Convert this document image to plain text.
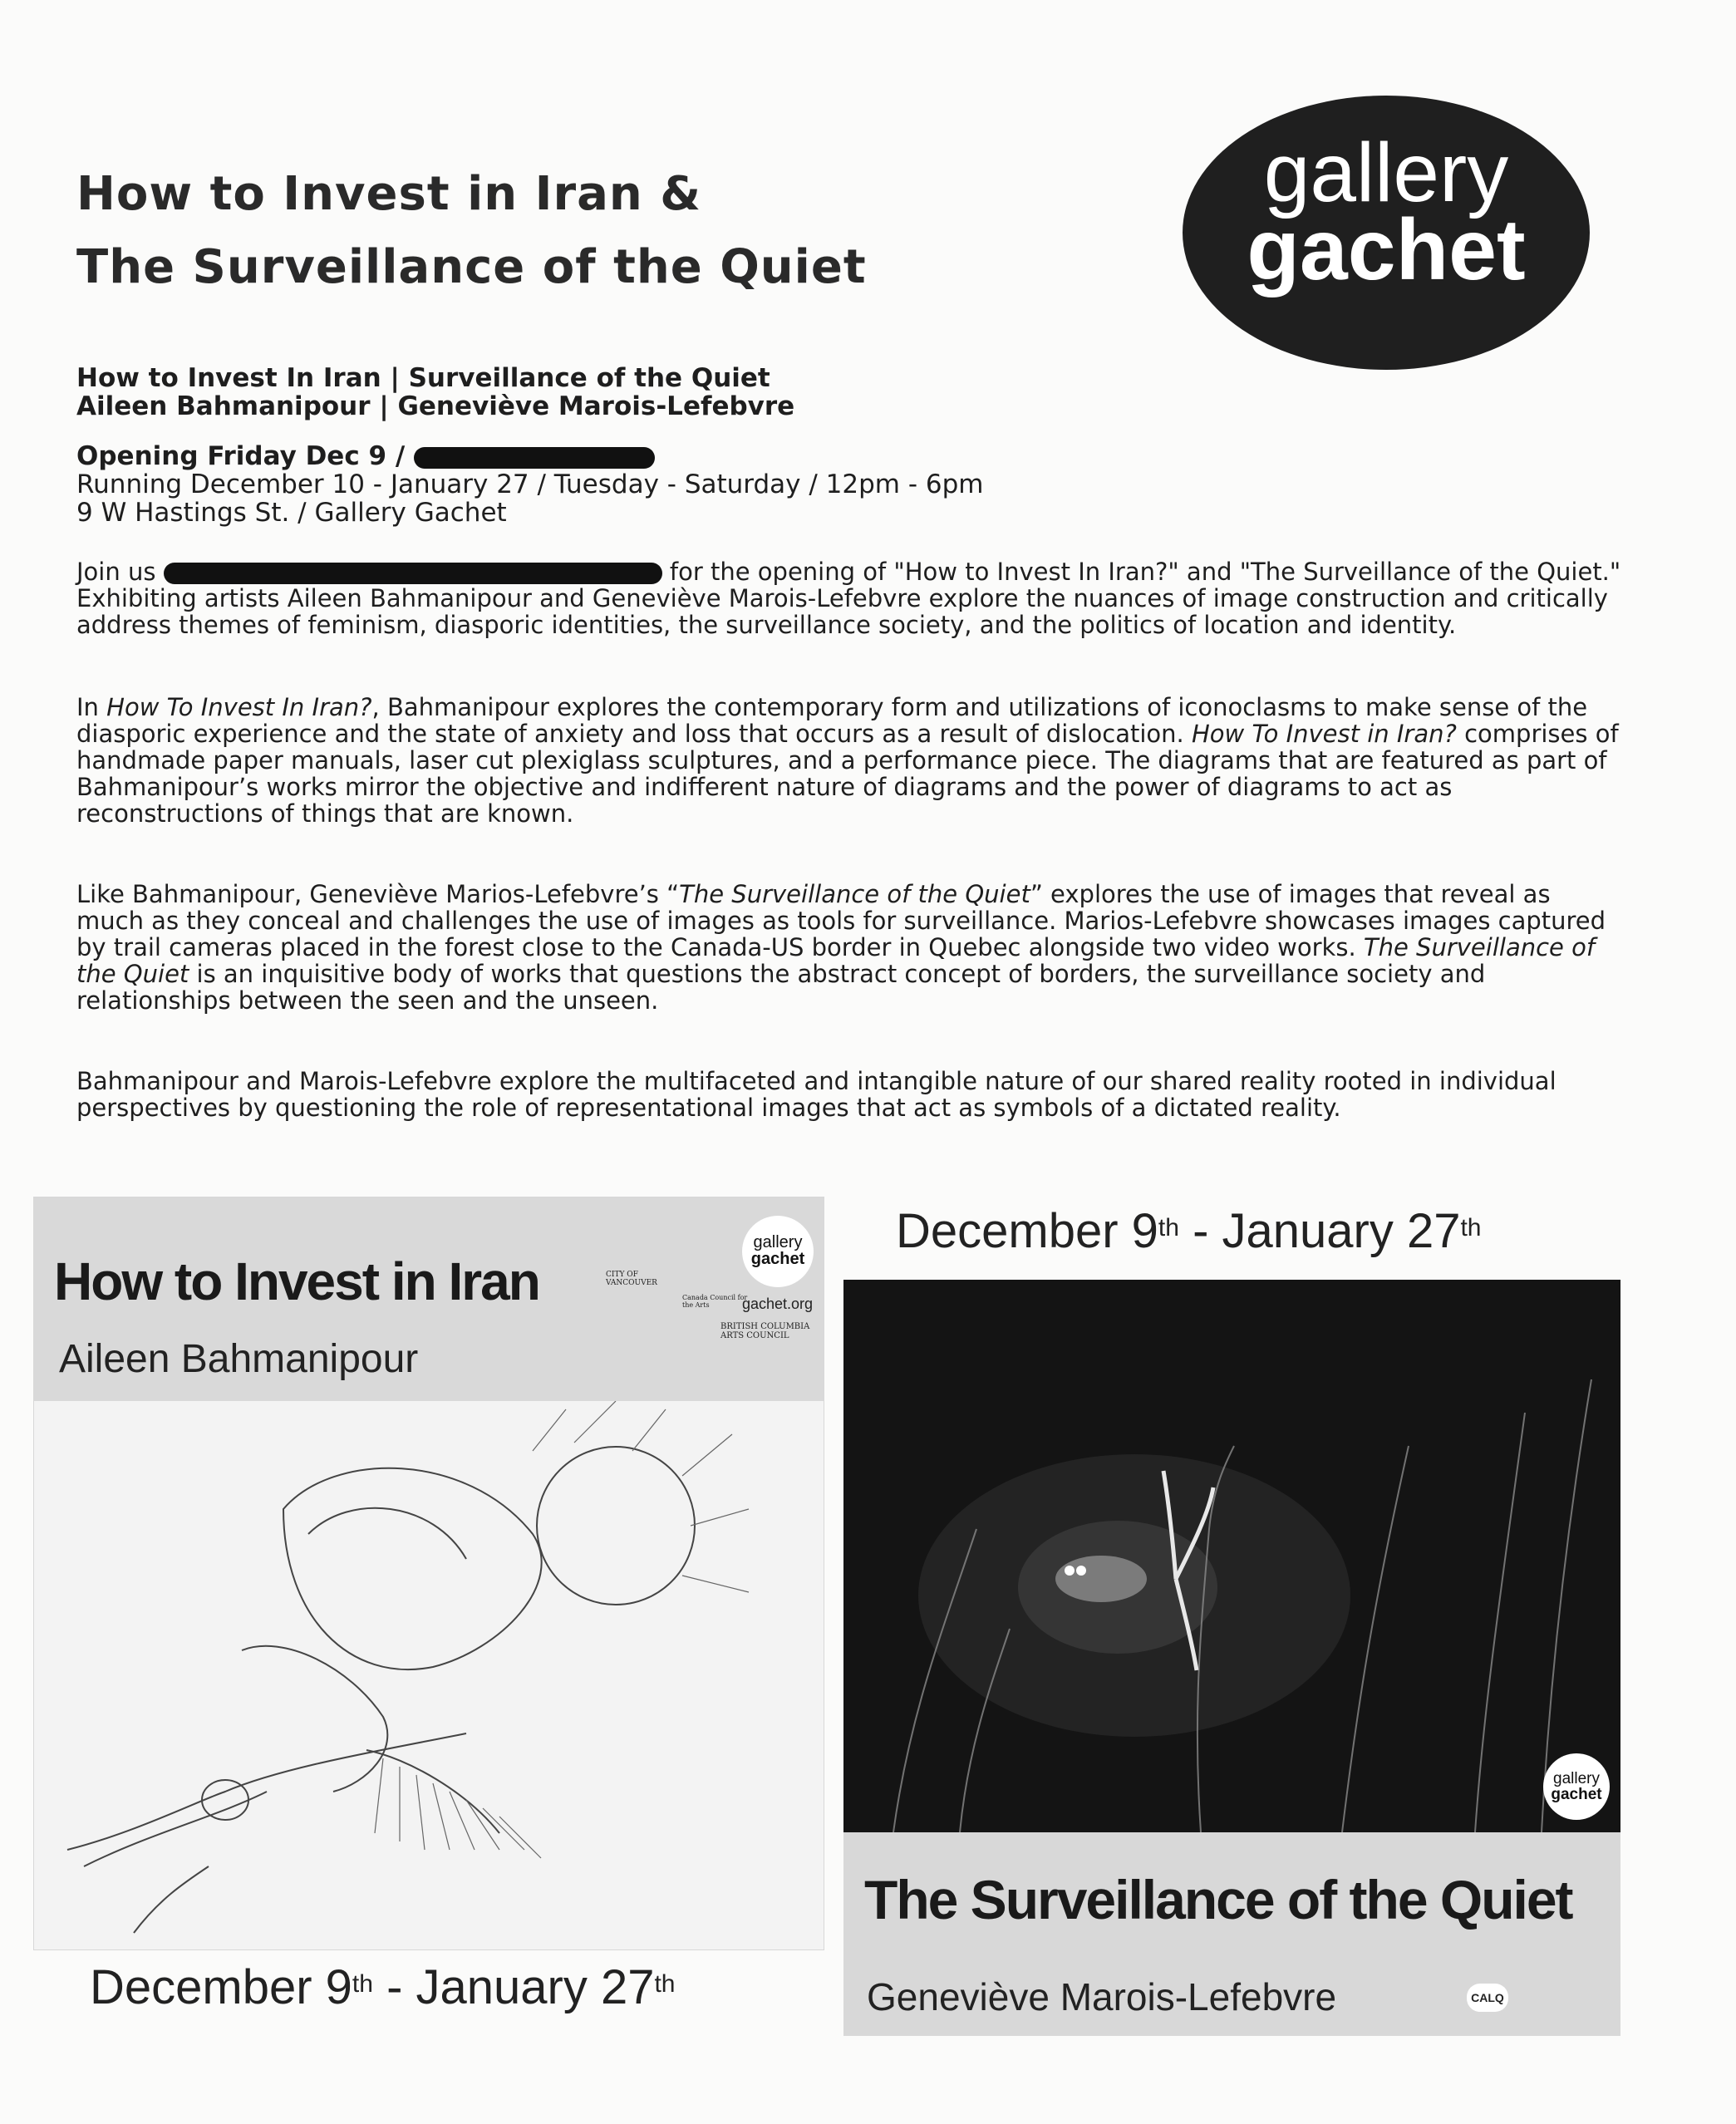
How to Invest in Iran &
The Surveillance of the Quiet
gallery
gachet
How to Invest In Iran | Surveillance of the Quiet
Aileen Bahmanipour | Geneviève Marois-Lefebvre
Opening Friday Dec 9 /
Running December 10 - January 27 / Tuesday - Saturday / 12pm - 6pm
9 W Hastings St. / Gallery Gachet

Join us	for the opening of "How to Invest In Iran?" and "The Surveillance of the Quiet." Exhibiting artists Aileen Bahmanipour and Geneviève Marois-Lefebvre explore the nuances of image construction and critically address themes of feminism, diasporic identities, the surveillance society, and the politics of location and identity.

In How To Invest In Iran?, Bahmanipour explores the contemporary form and utilizations of iconoclasms to make sense of the diasporic experience and the state of anxiety and loss that occurs as a result of dislocation. How To Invest in Iran? comprises of handmade paper manuals, laser cut plexiglass sculptures, and a performance piece. The diagrams that are featured as part of Bahmanipour’s works mirror the objective and indifferent nature of diagrams and the power of diagrams to act as reconstructions of things that are known.

Like Bahmanipour, Geneviève Marios-Lefebvre’s “The Surveillance of the Quiet” explores the use of images that reveal as much as they conceal and challenges the use of images as tools for surveillance. Marios-Lefebvre showcases images captured by trail cameras placed in the forest close to the Canada-US border in Quebec alongside two video works. The Surveillance of the Quiet is an inquisitive body of works that questions the abstract concept of borders, the surveillance society and relationships between the seen and the unseen.

Bahmanipour and Marois-Lefebvre explore the multifaceted and intangible nature of our shared reality rooted in individual perspectives by questioning the role of representational images that act as symbols of a dictated reality.

How to Invest in Iran
Aileen Bahmanipour
gallery
gachet
CITY OF VANCOUVER
Canada Council for the Arts	gachet.org
BRITISH COLUMBIA ARTS COUNCIL
December 9th - January 27th
December 9th - January 27th
gallery
gachet
The Surveillance of the Quiet
Geneviève Marois-Lefebvre	CALQ
